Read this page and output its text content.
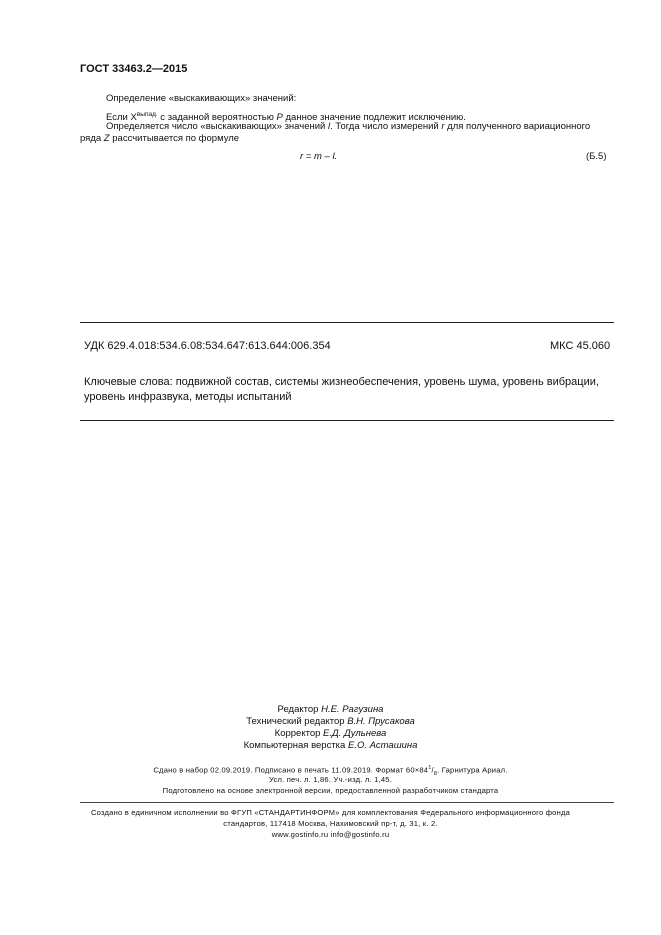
ГОСТ 33463.2—2015
Определение «выскакивающих» значений:
Если $X^{выпад.}$ с заданной вероятностью P данное значение подлежит исключению.
Определяется число «выскакивающих» значений l. Тогда число измерений r для полученного вариационного
ряда Z рассчитывается по формуле
r = m – l.	(Б.5)
УДК 629.4.018:534.6.08:534.647:613.644:006.354	МКС 45.060
Ключевые слова: подвижной состав, системы жизнеобеспечения, уровень шума, уровень вибрации, уровень инфразвука, методы испытаний
Редактор Н.Е. Рагузина
Технический редактор В.Н. Прусакова
Корректор Е.Д. Дульнева
Компьютерная верстка Е.О. Асташина
Сдано в набор 02.09.2019. Подписано в печать 11.09.2019. Формат $60\times 84^1/_8$. Гарнитура Ариал.
Усл. печ. л. 1,86. Уч.-изд. л. 1,45.
Подготовлено на основе электронной версии, предоставленной разработчиком стандарта
Создано в единичном исполнении во ФГУП «СТАНДАРТИНФОРМ» для комплектования Федерального информационного фонда
стандартов, 117418 Москва, Нахимовский пр-т, д. 31, к. 2.
www.gostinfo.ru info@gostinfo.ru
